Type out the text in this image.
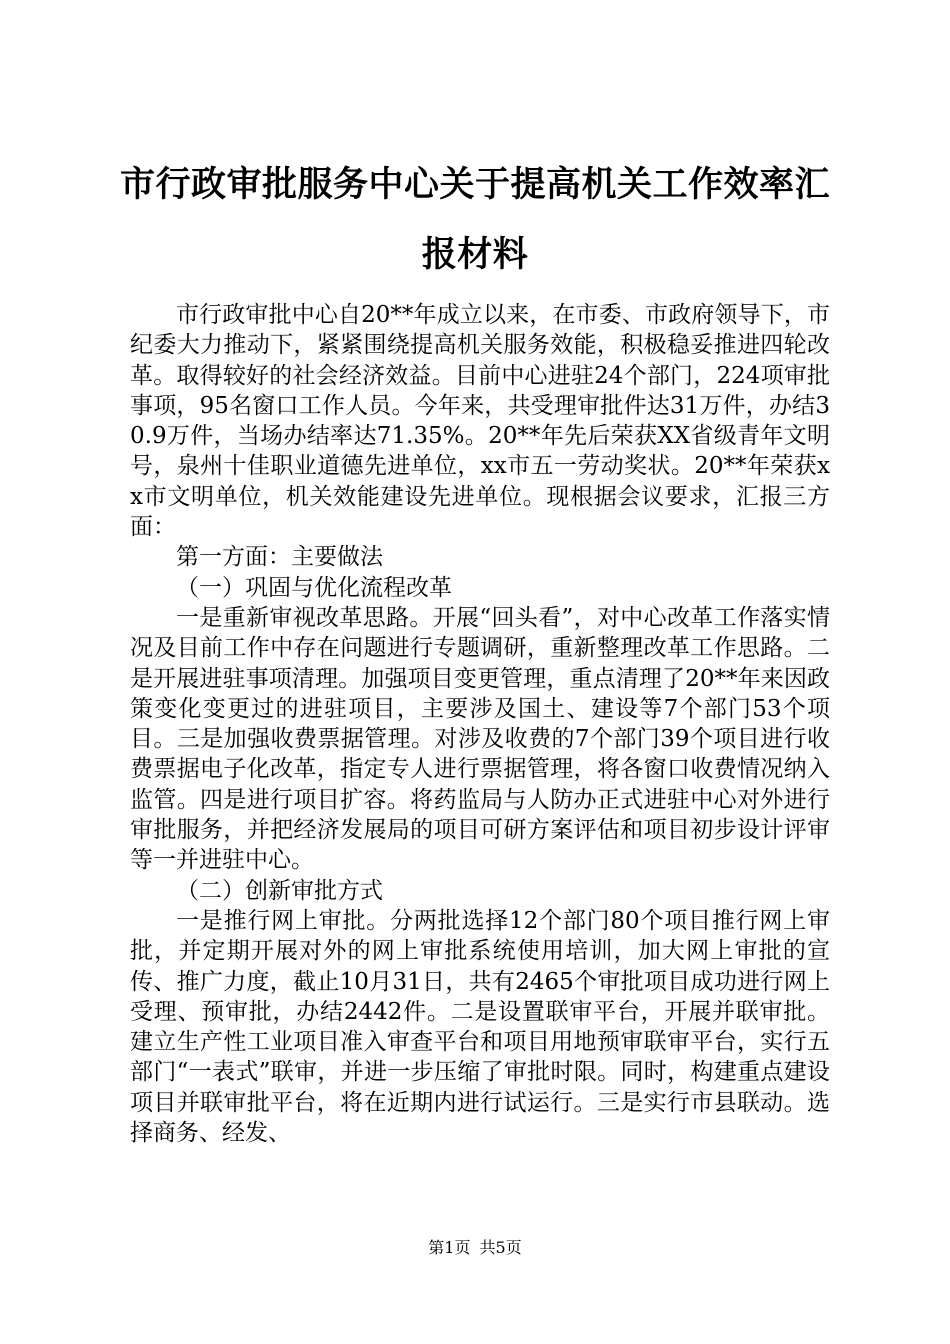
市行政审批服务中心关于提高机关工作效率汇
报材料

市行政审批中心自20**年成立以来，在市委、市政府领导下，市纪委大力推动下，紧紧围绕提高机关服务效能，积极稳妥推进四轮改革。取得较好的社会经济效益。目前中心进驻24个部门，224项审批事项，95名窗口工作人员。今年来，共受理审批件达31万件，办结30.9万件，当场办结率达71.35%。20**年先后荣获XX省级青年文明号，泉州十佳职业道德先进单位，xx市五一劳动奖状。20**年荣获xx市文明单位，机关效能建设先进单位。现根据会议要求，汇报三方面：

第一方面：主要做法

（一）巩固与优化流程改革

一是重新审视改革思路。开展“回头看”，对中心改革工作落实情况及目前工作中存在问题进行专题调研，重新整理改革工作思路。二是开展进驻事项清理。加强项目变更管理，重点清理了20**年来因政策变化变更过的进驻项目，主要涉及国土、建设等7个部门53个项目。三是加强收费票据管理。对涉及收费的7个部门39个项目进行收费票据电子化改革，指定专人进行票据管理，将各窗口收费情况纳入监管。四是进行项目扩容。将药监局与人防办正式进驻中心对外进行审批服务，并把经济发展局的项目可研方案评估和项目初步设计评审等一并进驻中心。

（二）创新审批方式

一是推行网上审批。分两批选择12个部门80个项目推行网上审批，并定期开展对外的网上审批系统使用培训，加大网上审批的宣传、推广力度，截止10月31日，共有2465个审批项目成功进行网上受理、预审批，办结2442件。二是设置联审平台，开展并联审批。建立生产性工业项目准入审查平台和项目用地预审联审平台，实行五部门“一表式”联审，并进一步压缩了审批时限。同时，构建重点建设项目并联审批平台，将在近期内进行试运行。三是实行市县联动。选择商务、经发、

第1页 共5页
